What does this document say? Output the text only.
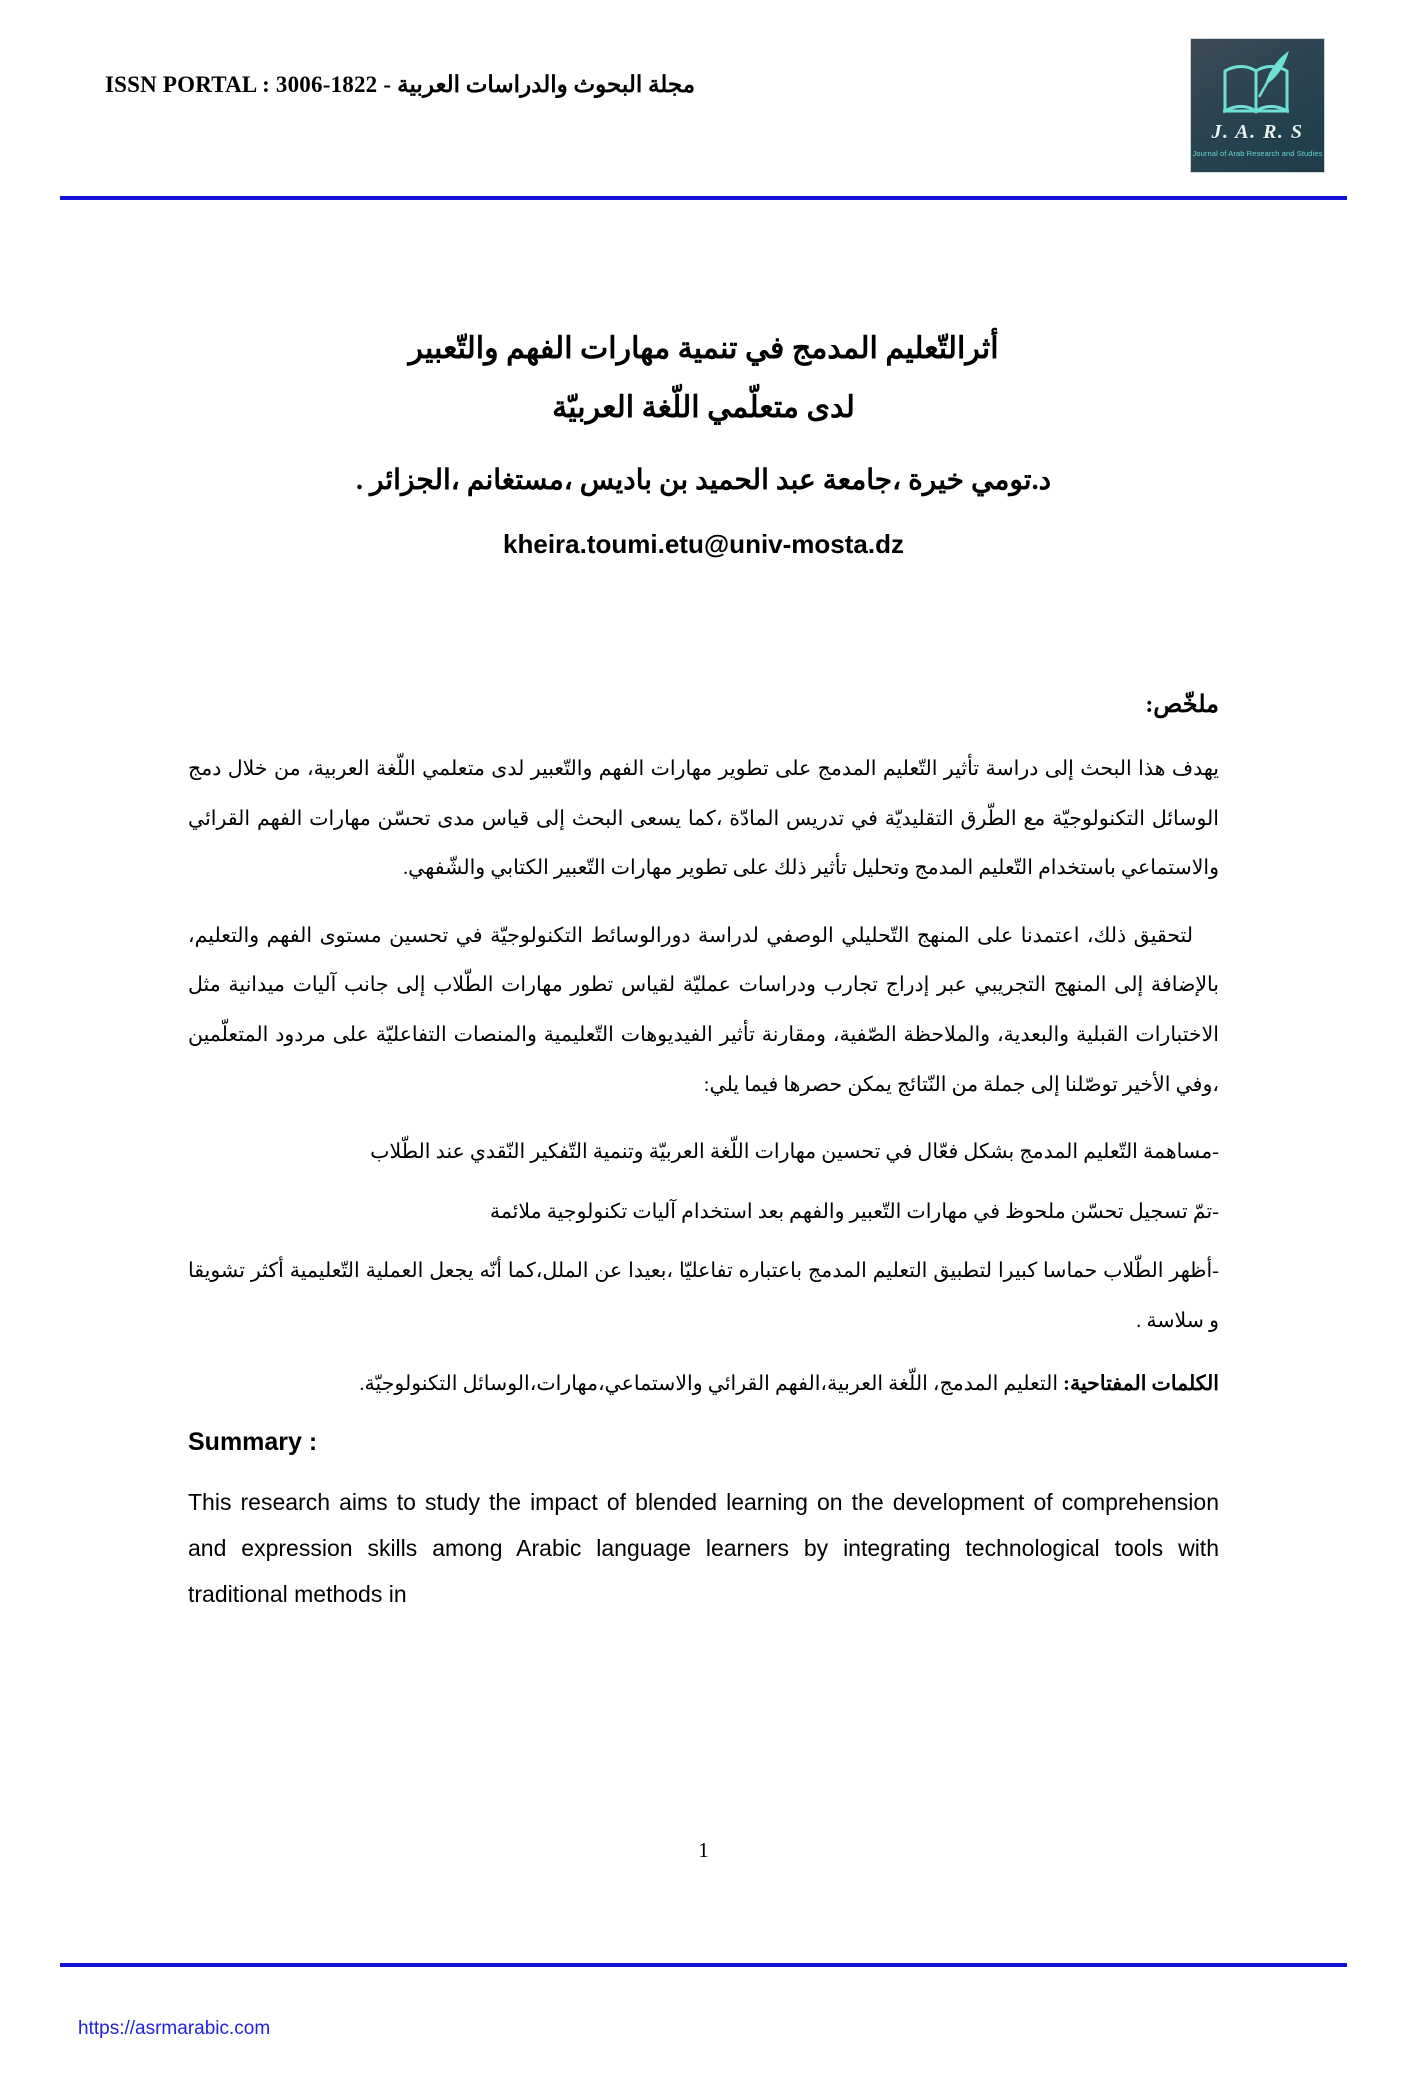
ISSN PORTAL : 3006-1822 - مجلة البحوث والدراسات العربية
J. A. R. S
Journal of Arab Research and Studies
أثرالتّعليم المدمج في تنمية مهارات الفهم والتّعبير
لدى متعلّمي اللّغة العربيّة
د.تومي خيرة ،جامعة عبد الحميد بن باديس ،مستغانم ،الجزائر .
kheira.toumi.etu@univ-mosta.dz
ملخّص:

يهدف هذا البحث إلى دراسة تأثير التّعليم المدمج على تطوير مهارات الفهم والتّعبير لدى متعلمي اللّغة العربية، من خلال دمج الوسائل التكنولوجيّة مع الطّرق التقليديّة في تدريس المادّة ،كما يسعى البحث إلى قياس مدى تحسّن مهارات الفهم القرائي والاستماعي باستخدام التّعليم المدمج وتحليل تأثير ذلك على تطوير مهارات التّعبير الكتابي والشّفهي.

لتحقيق ذلك، اعتمدنا على المنهج التّحليلي الوصفي لدراسة دورالوسائط التكنولوجيّة في تحسين مستوى الفهم والتعليم، بالإضافة إلى المنهج التجريبي عبر إدراج تجارب ودراسات عمليّة لقياس تطور مهارات الطّلاب إلى جانب آليات ميدانية مثل الاختبارات القبلية والبعدية، والملاحظة الصّفية، ومقارنة تأثير الفيديوهات التّعليمية والمنصات التفاعليّة على مردود المتعلّمين ،وفي الأخير توصّلنا إلى جملة من النّتائج يمكن حصرها فيما يلي:

-مساهمة التّعليم المدمج بشكل فعّال في تحسين مهارات اللّغة العربيّة وتنمية التّفكير النّقدي عند الطّلاب

-تمّ تسجيل تحسّن ملحوظ في مهارات التّعبير والفهم بعد استخدام آليات تكنولوجية ملائمة

-أظهر الطّلاب حماسا كبيرا لتطبيق التعليم المدمج باعتباره تفاعليّا ،بعيدا عن الملل،كما أنّه يجعل العملية التّعليمية أكثر تشويقا و سلاسة .

الكلمات المفتاحية: التعليم المدمج، اللّغة العربية،الفهم القرائي والاستماعي،مهارات،الوسائل التكنولوجيّة.

Summary :

This research aims to study the impact of blended learning on the development of comprehension and expression skills among Arabic language learners by integrating technological tools with traditional methods in

1
https://asrmarabic.com
